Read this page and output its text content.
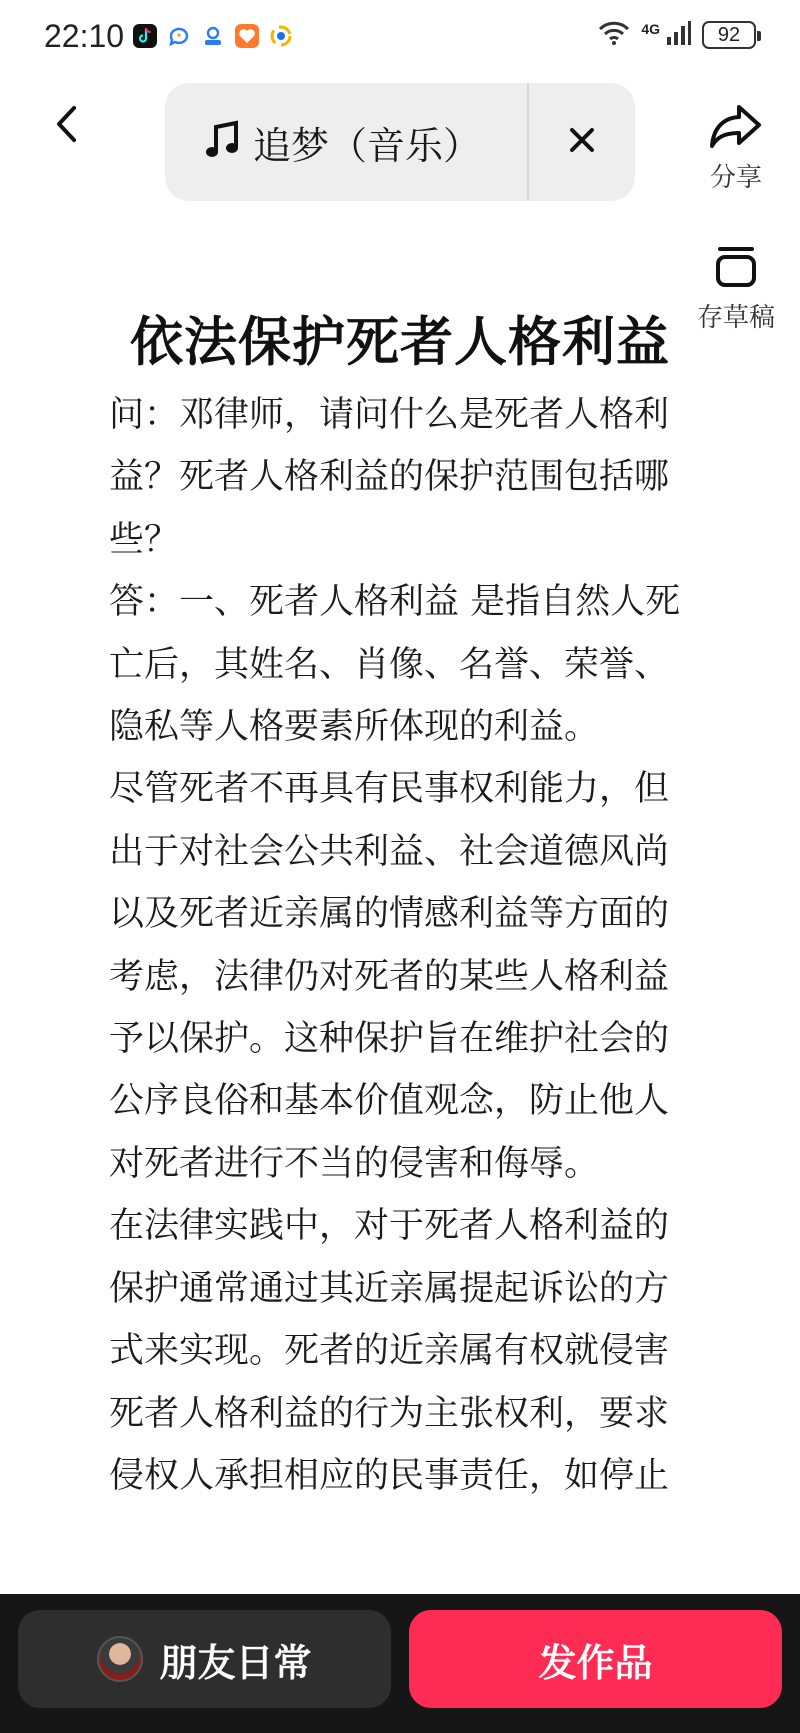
22:10	4G	92
追梦（音乐）
分享
存草稿
依法保护死者人格利益

问：邓律师，请问什么是死者人格利益？死者人格利益的保护范围包括哪些？

答：一、死者人格利益 是指自然人死亡后，其姓名、肖像、名誉、荣誉、隐私等人格要素所体现的利益。

尽管死者不再具有民事权利能力，但出于对社会公共利益、社会道德风尚以及死者近亲属的情感利益等方面的考虑，法律仍对死者的某些人格利益予以保护。这种保护旨在维护社会的公序良俗和基本价值观念，防止他人对死者进行不当的侵害和侮辱。

在法律实践中，对于死者人格利益的保护通常通过其近亲属提起诉讼的方式来实现。死者的近亲属有权就侵害死者人格利益的行为主张权利，要求侵权人承担相应的民事责任，如停止

朋友日常	发作品
